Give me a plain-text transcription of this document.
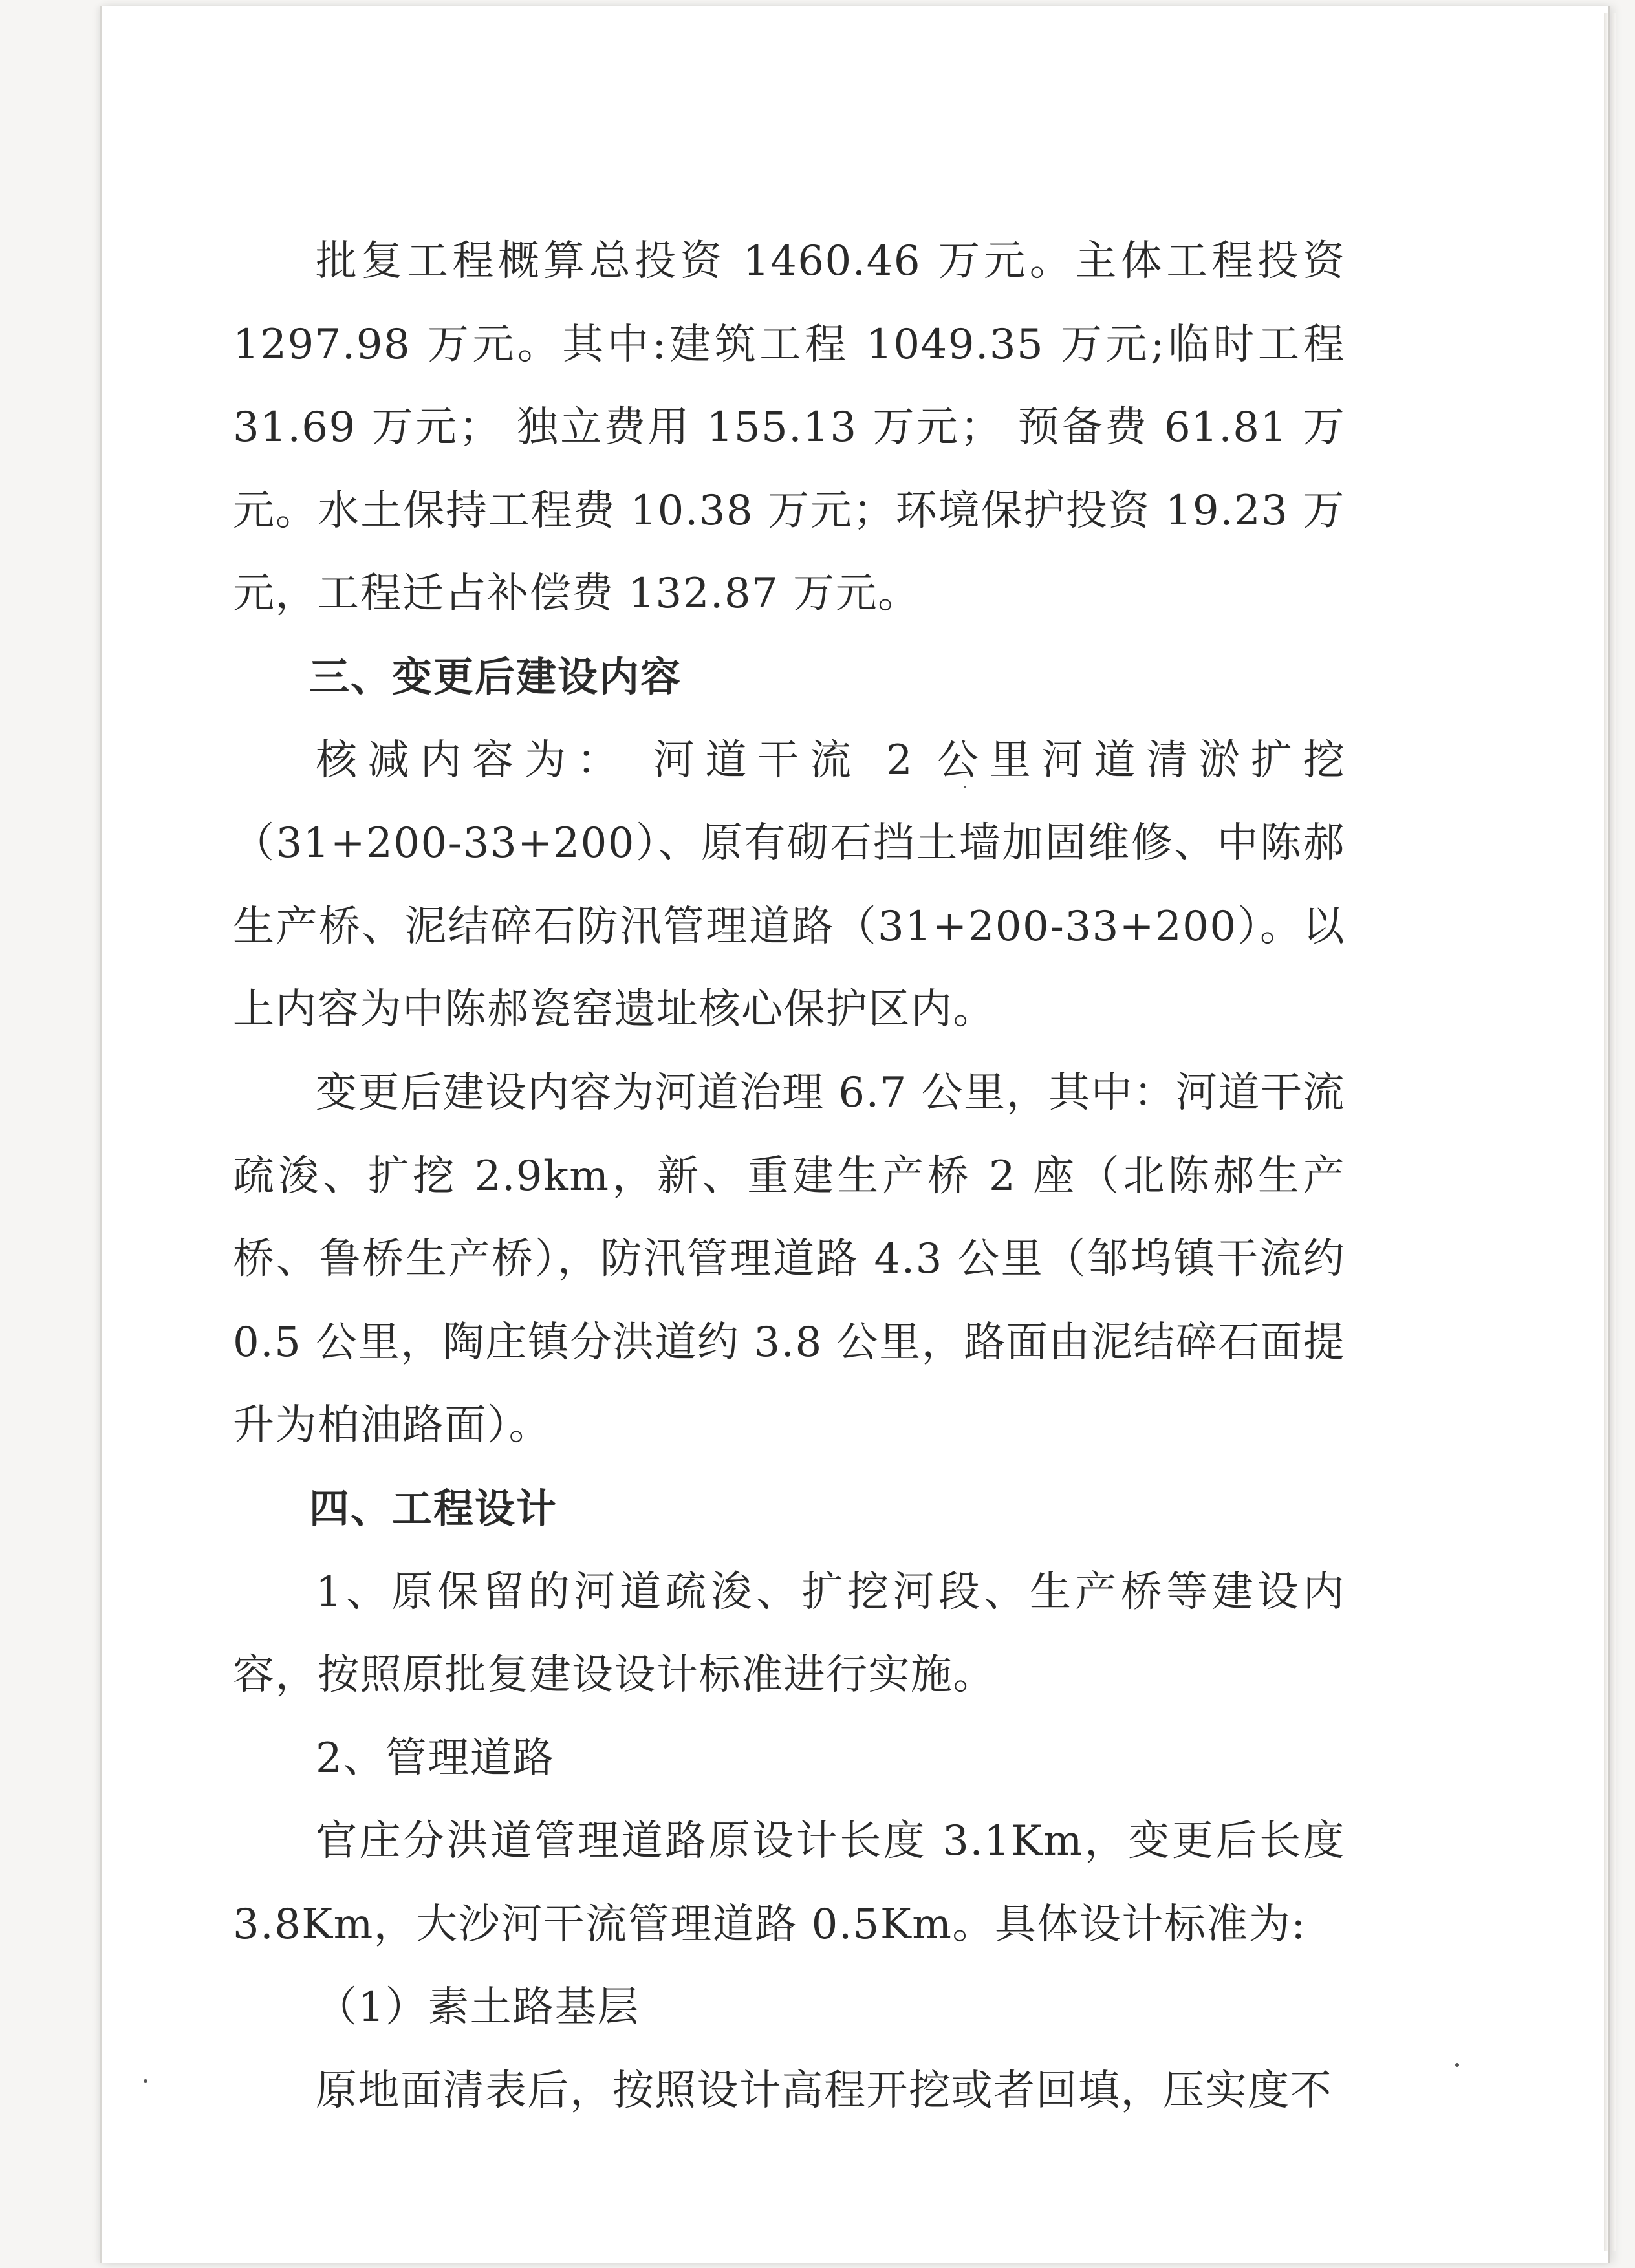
批复工程概算总投资 1460.46 万元。主体工程投资 1297.98 万元。其中:建筑工程 1049.35 万元;临时工程 31.69 万元； 独立费用 155.13 万元； 预备费 61.81 万元。水土保持工程费 10.38 万元；环境保护投资 19.23 万元，工程迁占补偿费 132.87 万元。

三、变更后建设内容

核减内容为： 河道干流 2 公里河道清淤扩挖（31+200-33+200）、原有砌石挡土墙加固维修、中陈郝生产桥、泥结碎石防汛管理道路（31+200-33+200）。以上内容为中陈郝瓷窑遗址核心保护区内。

变更后建设内容为河道治理 6.7 公里，其中：河道干流疏浚、扩挖 2.9km，新、重建生产桥 2 座（北陈郝生产桥、鲁桥生产桥），防汛管理道路 4.3 公里（邹坞镇干流约 0.5 公里，陶庄镇分洪道约 3.8 公里，路面由泥结碎石面提升为柏油路面）。

四、工程设计

1、原保留的河道疏浚、扩挖河段、生产桥等建设内容，按照原批复建设设计标准进行实施。

2、管理道路

官庄分洪道管理道路原设计长度 3.1Km，变更后长度 3.8Km，大沙河干流管理道路 0.5Km。具体设计标准为:

（1）素土路基层

原地面清表后，按照设计高程开挖或者回填，压实度不
